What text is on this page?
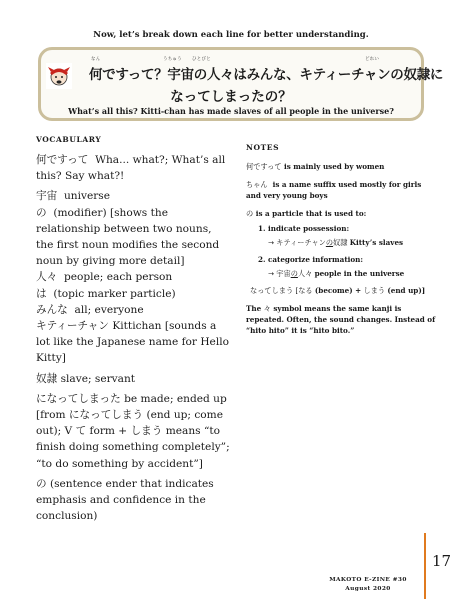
Now, let’s break down each line for better understanding.
なん	うちゅう ひとびと	どれい
何ですって？宇宙の人々はみんな、キティーチャンの奴隷に
なってしまったの？
What’s all this? Kitti-chan has made slaves of all people in the universe?
VOCABULARY
何ですって Wha... what?; What’s all this? Say what?!
宇宙 universe
の (modifier) [shows the relationship between two nouns, the first noun modifies the second noun by giving more detail]
人々 people; each person
は (topic marker particle)
みんな all; everyone
キティーチャン Kittichan [sounds a lot like the Japanese name for Hello Kitty]
奴隷 slave; servant
になってしまった be made; ended up [from になってしまう (end up; come out); V て form + しまう means “to finish doing something completely”; “to do something by accident”]
の (sentence ender that indicates emphasis and confidence in the conclusion)
NOTES

何ですって is mainly used by women

ちゃん is a name suffix used mostly for girls and very young boys

の is a particle that is used to:

1. indicate possession:

→ キティーチャンの奴隷 Kitty’s slaves

2. categorize information:

→ 宇宙の人々 people in the universe

なってしまう [なる (become) + しまう (end up)]

The 々 symbol means the same kanji is repeated. Often, the sound changes. Instead of “hito hito” it is “hito bito.”

17
MAKOTO E-ZINE #30
August 2020
